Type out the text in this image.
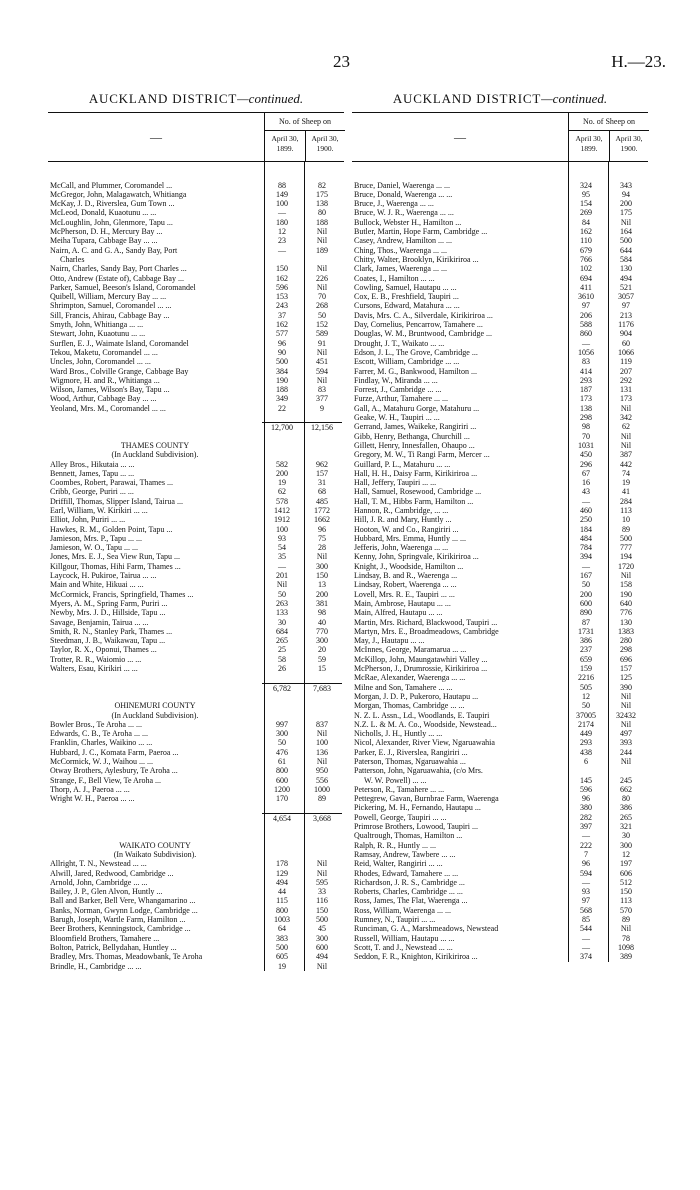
23	H.—23.
AUCKLAND DISTRICT—continued.
—
No. of Sheep on
April 30, 1899.
April 30, 1900.
McCall, and Plummer, Coromandel ...	88	82
McGregor, John, Malagawatch, Whitianga	149	175
McKay, J. D., Riverslea, Gum Town ...	100	138
McLeod, Donald, Kuaotunu ... ...	—	80
McLoughlin, John, Glenmore, Tapu ...	180	188
McPherson, D. H., Mercury Bay ...	12	Nil
Meiha Tupara, Cabbage Bay ... ...	23	Nil
Nairn, A. C. and G. A., Sandy Bay, Port	—	189
Charles
Nairn, Charles, Sandy Bay, Port Charles ...	150	Nil
Otto, Andrew (Estate of), Cabbage Bay ...	162	226
Parker, Samuel, Beeson's Island, Coromandel	596	Nil
Quibell, William, Mercury Bay ... ...	153	70
Shrimpton, Samuel, Coromandel ... ...	243	268
Sill, Francis, Ahirau, Cabbage Bay ...	37	50
Smyth, John, Whitianga ... ...	162	152
Stewart, John, Kuaotunu ... ...	577	589
Surflen, E. J., Waimate Island, Coromandel	96	91
Tekou, Maketu, Coromandel ... ...	90	Nil
Uncles, John, Coromandel ... ...	500	451
Ward Bros., Colville Grange, Cabbage Bay	384	594
Wigmore, H. and R., Whitianga ...	190	Nil
Wilson, James, Wilson's Bay, Tapu ...	188	83
Wood, Arthur, Cabbage Bay ... ...	349	377
Yeoland, Mrs. M., Coromandel ... ...	22	9
12,700	12,156
THAMES COUNTY
(In Auckland Subdivision).
Alley Bros., Hikutaia ... ...	582	962
Bennett, James, Tapu ... ...	200	157
Coombes, Robert, Parawai, Thames ...	19	31
Cribb, George, Puriri ... ...	62	68
Driffill, Thomas, Slipper Island, Tairua ...	578	485
Earl, William, W. Kirikiri ... ...	1412	1772
Elliot, John, Puriri ... ...	1912	1662
Hawkes, R. M., Golden Point, Tapu ...	100	96
Jamieson, Mrs. P., Tapu ... ...	93	75
Jamieson, W. O., Tapu ... ...	54	28
Jones, Mrs. E. J., Sea View Run, Tapu ...	35	Nil
Killgour, Thomas, Hihi Farm, Thames ...	—	300
Laycock, H. Pukiroe, Tairua ... ...	201	150
Main and White, Hikuai ... ...	Nil	13
McCormick, Francis, Springfield, Thames ...	50	200
Myers, A. M., Spring Farm, Puriri ...	263	381
Newby, Mrs. J. D., Hillside, Tapu ...	133	98
Savage, Benjamin, Tairua ... ...	30	40
Smith, R. N., Stanley Park, Thames ...	684	770
Steedman, J. B., Waikawau, Tapu ...	265	300
Taylor, R. X., Oponui, Thames ...	25	20
Trotter, R. R., Waiomio ... ...	58	59
Walters, Esau, Kirikiri ... ...	26	15
6,782	7,683
OHINEMURI COUNTY
(In Auckland Subdivision).
Bowler Bros., Te Aroha ... ...	997	837
Edwards, C. B., Te Aroha ... ...	300	Nil
Franklin, Charles, Waikino ... ...	50	100
Hubbard, J. C., Komata Farm, Paeroa ...	476	136
McCormick, W. J., Waihou ... ...	61	Nil
Otway Brothers, Aylesbury, Te Aroha ...	800	950
Strange, F., Bell View, Te Aroha ...	600	556
Thorp, A. J., Paeroa ... ...	1200	1000
Wright W. H., Paeroa ... ...	170	89
4,654	3,668
WAIKATO COUNTY
(In Waikato Subdivision).
Allright, T. N., Newstead ... ...	178	Nil
Alwill, Jared, Redwood, Cambridge ...	129	Nil
Arnold, John, Cambridge ... ...	494	595
Bailey, J. P., Glen Alvon, Huntly ...	44	33
Ball and Barker, Bell Vere, Whangamarino ...	115	116
Banks, Norman, Gwynn Lodge, Cambridge ...	800	150
Barugh, Joseph, Wartle Farm, Hamilton ...	1003	500
Beer Brothers, Kenningstock, Cambridge ...	64	45
Bloomfield Brothers, Tamahere ...	383	300
Bolton, Patrick, Bellydahan, Huntley ...	500	600
Bradley, Mrs. Thomas, Meadowbank, Te Aroha	605	494
Brindle, H., Cambridge ... ...	19	Nil
AUCKLAND DISTRICT—continued.
—
No. of Sheep on
April 30, 1899.
April 30, 1900.
Bruce, Daniel, Waerenga ... ...	324	343
Bruce, Donald, Waerenga ... ...	95	94
Bruce, J., Waerenga ... ...	154	200
Bruce, W. J. R., Waerenga ... ...	269	175
Bullock, Webster H., Hamilton ...	84	Nil
Butler, Martin, Hope Farm, Cambridge ...	162	164
Casey, Andrew, Hamilton ... ...	110	500
Ching, Thos., Waerenga ... ...	679	644
Chitty, Walter, Brooklyn, Kirikiriroa ...	766	584
Clark, James, Waerenga ... ...	102	130
Coates, I., Hamilton ... ...	694	494
Cowling, Samuel, Hautapu ... ...	411	521
Cox, E. B., Freshfield, Taupiri ...	3610	3057
Cursons, Edward, Matahura ... ...	97	97
Davis, Mrs. C. A., Silverdale, Kirikiriroa ...	206	213
Day, Cornelius, Pencarrow, Tamahere ...	588	1176
Douglas, W. M., Bruntwood, Cambridge ...	860	904
Drought, J. T., Waikato ... ...	—	60
Edson, J. L., The Grove, Cambridge ...	1056	1066
Escott, William, Cambridge ... ...	83	119
Farrer, M. G., Bankwood, Hamilton ...	414	207
Findlay, W., Miranda ... ...	293	292
Forrest, J., Cambridge ... ...	187	131
Furze, Arthur, Tamahere ... ...	173	173
Gall, A., Matahuru Gorge, Matahuru ...	138	Nil
Geake, W. H., Taupiri ... ...	298	342
Gerrand, James, Waikeke, Rangiriri ...	98	62
Gibb, Henry, Bethanga, Churchill ...	70	Nil
Gillett, Henry, Innesfallen, Ohaupo ...	1031	Nil
Gregory, M. W., Ti Rangi Farm, Mercer ...	450	387
Guillard, P. L., Matahuru ... ...	296	442
Hall, H. H., Daisy Farm, Kirikiriroa ...	67	74
Hall, Jeffery, Taupiri ... ...	16	19
Hall, Samuel, Rosewood, Cambridge ...	43	41
Hall, T. M., Hibbs Farm, Hamilton ...	—	284
Hannon, R., Cambridge, ... ...	460	113
Hill, J. R. and Mary, Huntly ...	250	10
Hooton, W. and Co., Rangiriri ...	184	89
Hubbard, Mrs. Emma, Huntly ... ...	484	500
Jefferis, John, Waerenga ... ...	784	777
Kenny, John, Springvale, Kirikiriroa ...	394	194
Knight, J., Woodside, Hamilton ...	—	1720
Lindsay, B. and R., Waerenga ...	167	Nil
Lindsay, Robert, Waerenga ... ...	50	158
Lovell, Mrs. R. E., Taupiri ... ...	200	190
Main, Ambrose, Hautapu ... ...	600	640
Main, Alfred, Hautapu ... ...	890	776
Martin, Mrs. Richard, Blackwood, Taupiri ...	87	130
Martyn, Mrs. E., Broadmeadows, Cambridge	1731	1383
May, J., Hautapu ... ...	386	280
McInnes, George, Maramarua ... ...	237	298
McKillop, John, Maungatawhiri Valley ...	659	696
McPherson, J., Drumrossie, Kirikiriroa ...	159	157
McRae, Alexander, Waerenga ... ...	2216	125
Milne and Son, Tamahere ... ...	505	390
Morgan, J. D. P., Pukeroro, Hautapu ...	12	Nil
Morgan, Thomas, Cambridge ... ...	50	Nil
N. Z. L. Assn., Ld., Woodlands, E. Taupiri	37005	32432
N.Z. L. & M. A. Co., Woodside, Newstead...	2174	Nil
Nicholls, J. H., Huntly ... ...	449	497
Nicol, Alexander, River View, Ngaruawahia	293	393
Parker, E. J., Riverslea, Rangiriri ...	438	244
Paterson, Thomas, Ngaruawahia ...	6	Nil
Patterson, John, Ngaruawahia, (c/o Mrs.
W. W. Powell) ... ...	145	245
Peterson, R., Tamahere ... ...	596	662
Pettegrew, Gavan, Burnbrae Farm, Waerenga	96	80
Pickering, M. H., Fernando, Hautapu ...	380	386
Powell, George, Taupiri ... ...	282	265
Primrose Brothers, Lowood, Taupiri ...	397	321
Qualtrough, Thomas, Hamilton ...	—	30
Ralph, R. R., Huntly ... ...	222	300
Ramsay, Andrew, Tawbere ... ...	7	12
Reid, Walter, Rangiriri ... ...	96	197
Rhodes, Edward, Tamahere ... ...	594	606
Richardson, J. R. S., Cambridge ...	—	512
Roberts, Charles, Cambridge ... ...	93	150
Ross, James, The Flat, Waerenga ...	97	113
Ross, William, Waerenga ... ...	568	570
Rumney, N., Taupiri ... ...	85	89
Runciman, G. A., Marshmeadows, Newstead	544	Nil
Russell, William, Hautapu ... ...	—	78
Scott, T. and J., Newstead ... ...	—	1098
Seddon, F. R., Knighton, Kirikiriroa ...	374	389
